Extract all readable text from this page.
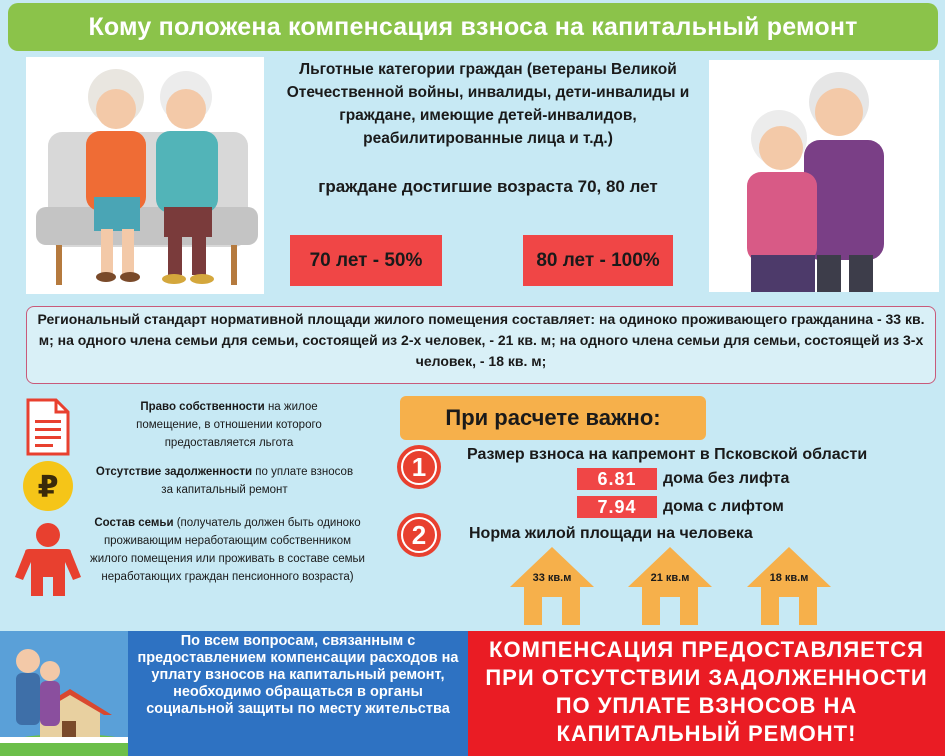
Кому положена компенсация взноса на капитальный ремонт
Льготные категории граждан (ветераны Великой Отечественной войны, инвалиды, дети-инвалиды и граждане, имеющие детей-инвалидов, реабилитированные лица и т.д.)
граждане достигшие возраста 70, 80 лет
70 лет - 50%	80 лет - 100%
Региональный стандарт нормативной площади жилого помещения составляет: на одиноко проживающего гражданина - 33 кв. м; на одного члена семьи для семьи, состоящей из 2-х человек, - 21 кв. м; на одного члена семьи для семьи, состоящей из 3-х человек, - 18 кв. м;
Право собственности на жилое помещение, в отношении которого предоставляется льгота
₽	Отсутствие задолженности по уплате взносов за капитальный ремонт
Состав семьи (получатель должен быть одиноко проживающим неработающим собственником жилого помещения или проживать в составе семьи неработающих граждан пенсионного возраста)
При расчете важно:
1	Размер взноса на капремонт в Псковской области
6.81	дома без лифта
7.94	дома с лифтом
2	Норма жилой площади на человека
33 кв.м	21 кв.м	18 кв.м
По всем вопросам, связанным с предоставлением компенсации расходов на уплату взносов на капитальный ремонт, необходимо обращаться в органы социальной защиты по месту жительства
КОМПЕНСАЦИЯ ПРЕДОСТАВЛЯЕТСЯ ПРИ ОТСУТСТВИИ ЗАДОЛЖЕННОСТИ ПО УПЛАТЕ ВЗНОСОВ НА КАПИТАЛЬНЫЙ РЕМОНТ!
